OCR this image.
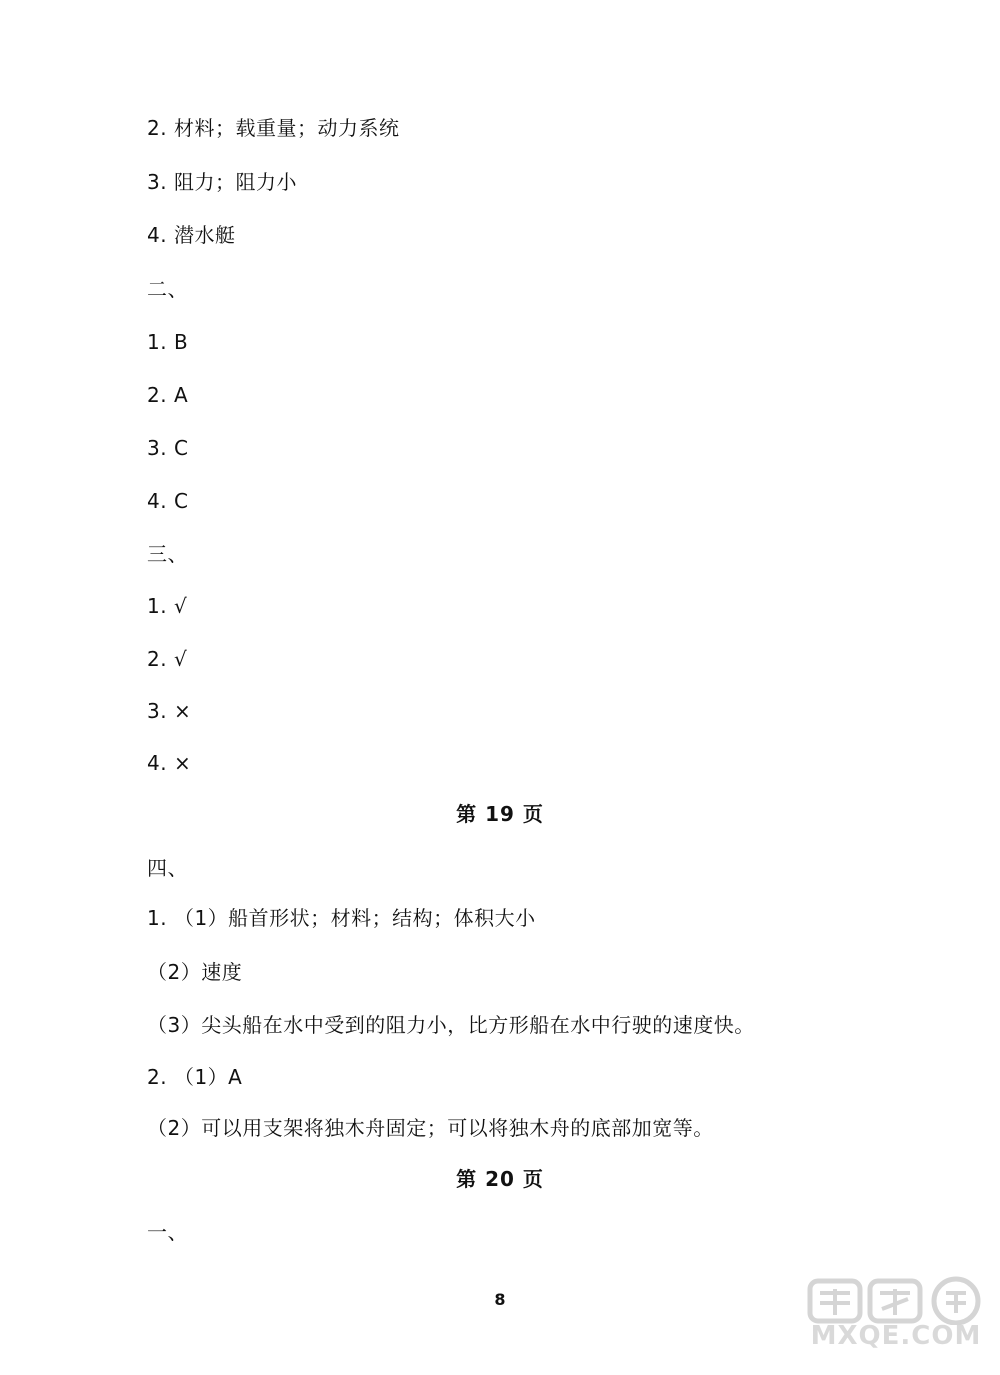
2. 材料；载重量；动力系统
3. 阻力；阻力小
4. 潜水艇
二、
1. B
2. A
3. C
4. C
三、
1. √
2. √
3. ×
4. ×
第 19 页
四、
1. （1）船首形状；材料；结构；体积大小
（2）速度
（3）尖头船在水中受到的阻力小，比方形船在水中行驶的速度快。
2. （1）A
（2）可以用支架将独木舟固定；可以将独木舟的底部加宽等。
第 20 页
一、
8
MXQE.COM
